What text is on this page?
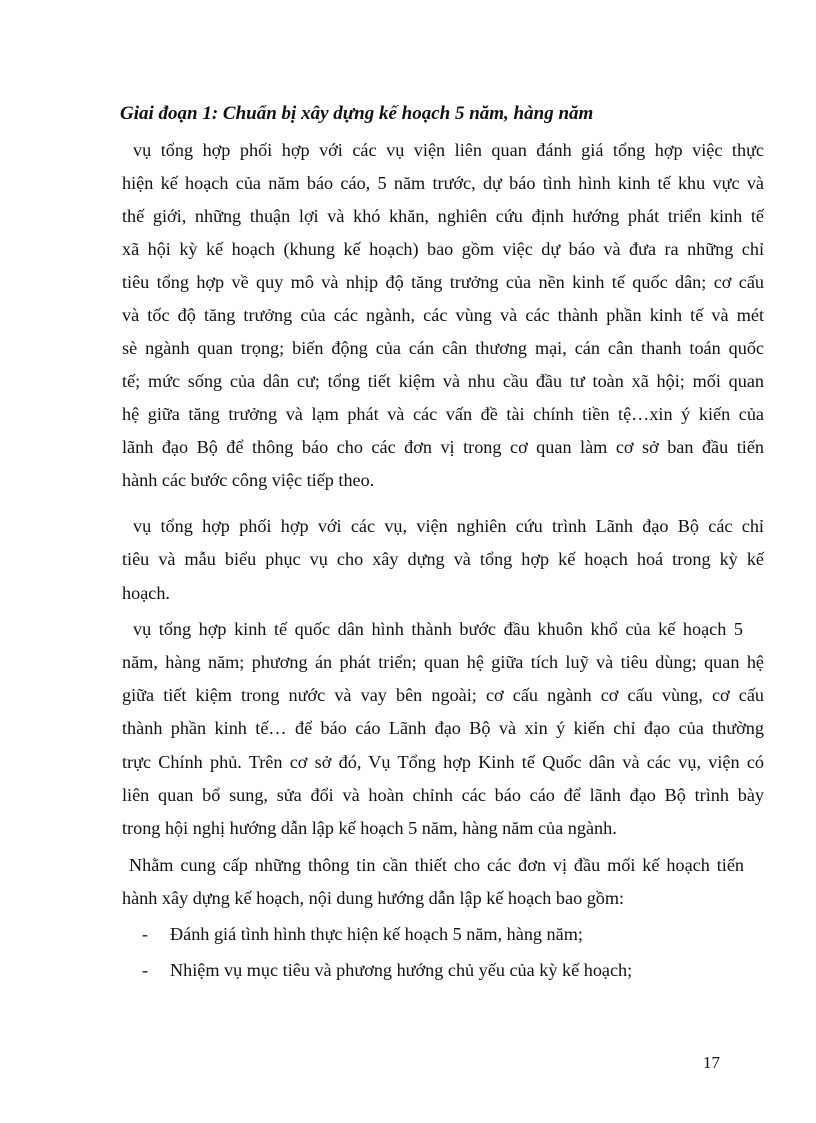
Giai đoạn 1: Chuẩn bị xây dựng kế hoạch 5 năm, hàng năm
vụ tổng hợp phối hợp với các vụ viện liên quan đánh giá tổng hợp việc thực
hiện kế hoạch của năm báo cáo, 5 năm trước, dự báo tình hình kinh tế khu vực và
thế giới, những thuận lợi và khó khăn, nghiên cứu định hướng phát triển kinh tế
xã hội kỳ kế hoạch (khung kế hoạch) bao gồm việc dự báo và đưa ra những chỉ
tiêu tổng hợp về quy mô và nhịp độ tăng trưởng của nền kinh tế quốc dân; cơ cấu
và tốc độ tăng trưởng của các ngành, các vùng và các thành phần kinh tế và mét
sè ngành quan trọng; biến động của cán cân thương mại, cán cân thanh toán quốc
tế; mức sống của dân cư; tổng tiết kiệm và nhu cầu đầu tư toàn xã hội; mối quan
hệ giữa tăng trưởng và lạm phát và các vấn đề tài chính tiền tệ…xin ý kiến của
lãnh đạo Bộ để thông báo cho các đơn vị trong cơ quan làm cơ sở ban đầu tiến
hành các bước công việc tiếp theo.
vụ tổng hợp phối hợp với các vụ, viện nghiên cứu trình Lãnh đạo Bộ các chỉ
tiêu và mẫu biểu phục vụ cho xây dựng và tổng hợp kế hoạch hoá trong kỳ kế
hoạch.
vụ tổng hợp kinh tế quốc dân hình thành bước đầu khuôn khổ của kế hoạch 5
năm, hàng năm; phương án phát triển; quan hệ giữa tích luỹ và tiêu dùng; quan hệ
giữa tiết kiệm trong nước và vay bên ngoài; cơ cấu ngành cơ cấu vùng, cơ cấu
thành phần kinh tế… để báo cáo Lãnh đạo Bộ và xin ý kiến chỉ đạo của thường
trực Chính phủ. Trên cơ sở đó, Vụ Tổng hợp Kinh tế Quốc dân và các vụ, viện có
liên quan bổ sung, sửa đổi và hoàn chỉnh các báo cáo để lãnh đạo Bộ trình bày
trong hội nghị hướng dẫn lập kế hoạch 5 năm, hàng năm của ngành.
Nhằm cung cấp những thông tin cần thiết cho các đơn vị đầu mối kế hoạch tiến
hành xây dựng kế hoạch, nội dung hướng dẫn lập kế hoạch bao gồm:
- Đánh giá tình hình thực hiện kế hoạch 5 năm, hàng năm;
- Nhiệm vụ mục tiêu và phương hướng chủ yếu của kỳ kế hoạch;
17
